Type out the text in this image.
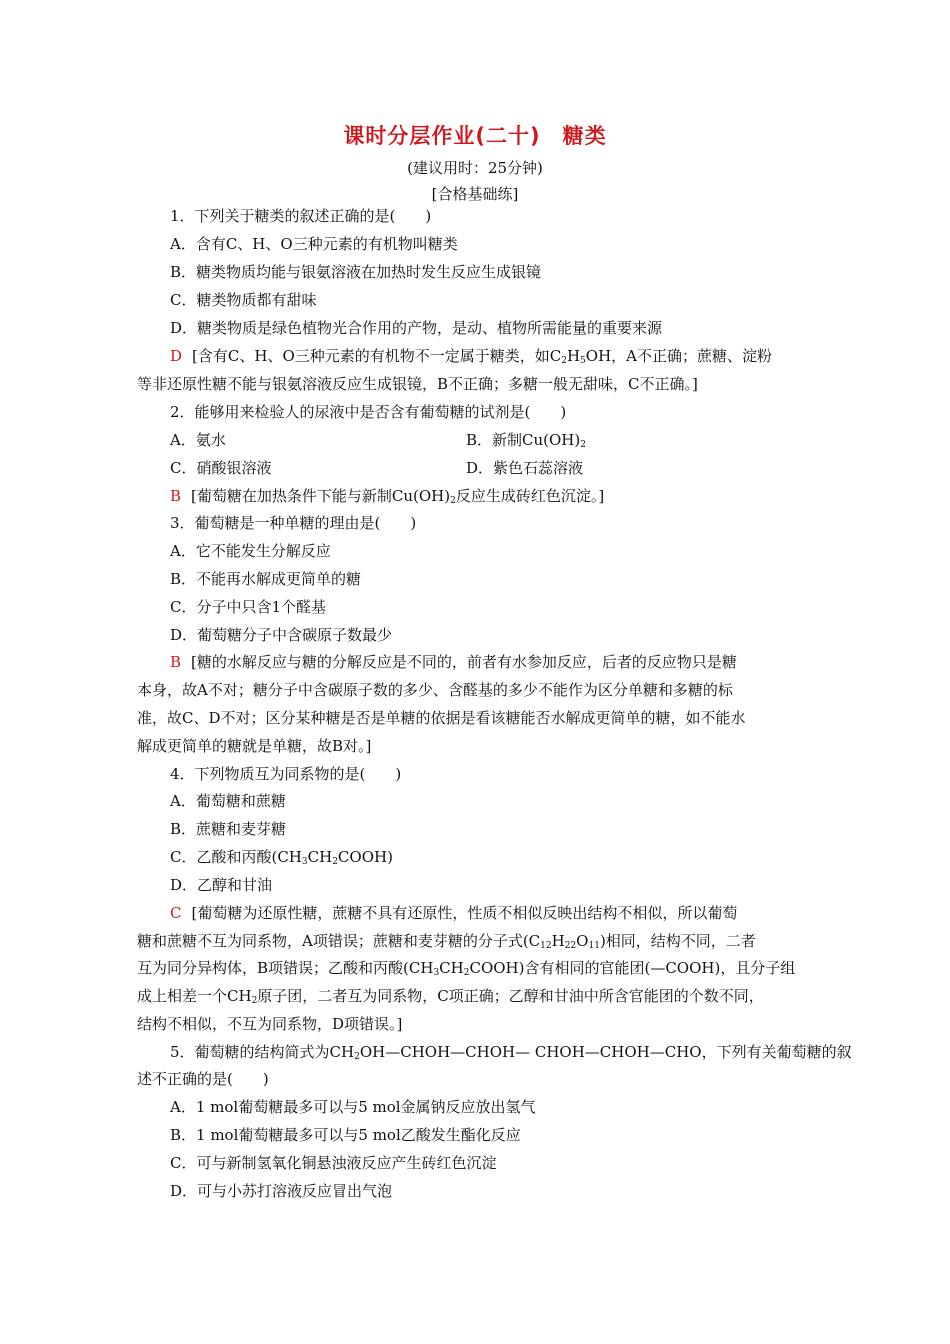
课时分层作业(二十)　糖类
(建议用时：25分钟)
[合格基础练]
1．下列关于糖类的叙述正确的是(　　)
A．含有C、H、O三种元素的有机物叫糖类
B．糖类物质均能与银氨溶液在加热时发生反应生成银镜
C．糖类物质都有甜味
D．糖类物质是绿色植物光合作用的产物，是动、植物所需能量的重要来源
D [含有C、H、O三种元素的有机物不一定属于糖类，如$C_2H_5OH$，A不正确；蔗糖、淀粉
等非还原性糖不能与银氨溶液反应生成银镜，B不正确；多糖一般无甜味，C不正确。]
2．能够用来检验人的尿液中是否含有葡萄糖的试剂是(　　)
A．氨水	B．新制$Cu(OH)_2$
C．硝酸银溶液	D．紫色石蕊溶液
B [葡萄糖在加热条件下能与新制$Cu(OH)_2$反应生成砖红色沉淀。]
3．葡萄糖是一种单糖的理由是(　　)
A．它不能发生分解反应
B．不能再水解成更简单的糖
C．分子中只含1个醛基
D．葡萄糖分子中含碳原子数最少
B [糖的水解反应与糖的分解反应是不同的，前者有水参加反应，后者的反应物只是糖
本身，故A不对；糖分子中含碳原子数的多少、含醛基的多少不能作为区分单糖和多糖的标
准，故C、D不对；区分某种糖是否是单糖的依据是看该糖能否水解成更简单的糖，如不能水
解成更简单的糖就是单糖，故B对。]
4．下列物质互为同系物的是(　　)
A．葡萄糖和蔗糖
B．蔗糖和麦芽糖
C．乙酸和丙酸$(CH_3CH_2COOH)$
D．乙醇和甘油
C [葡萄糖为还原性糖，蔗糖不具有还原性，性质不相似反映出结构不相似，所以葡萄
糖和蔗糖不互为同系物，A项错误；蔗糖和麦芽糖的分子式$(C_{12}H_{22}O_{11})$相同，结构不同，二者
互为同分异构体，B项错误；乙酸和丙酸$(CH_3CH_2COOH)$含有相同的官能团(—COOH)，且分子组
成上相差一个$CH_2$原子团，二者互为同系物，C项正确；乙醇和甘油中所含官能团的个数不同，
结构不相似，不互为同系物，D项错误。]
5．葡萄糖的结构简式为$CH_2OH—CHOH—CHOH—$ CHOH—CHOH—CHO，下列有关葡萄糖的叙
述不正确的是(　　)
A．1 mol葡萄糖最多可以与5 mol金属钠反应放出氢气
B．1 mol葡萄糖最多可以与5 mol乙酸发生酯化反应
C．可与新制氢氧化铜悬浊液反应产生砖红色沉淀
D．可与小苏打溶液反应冒出气泡
